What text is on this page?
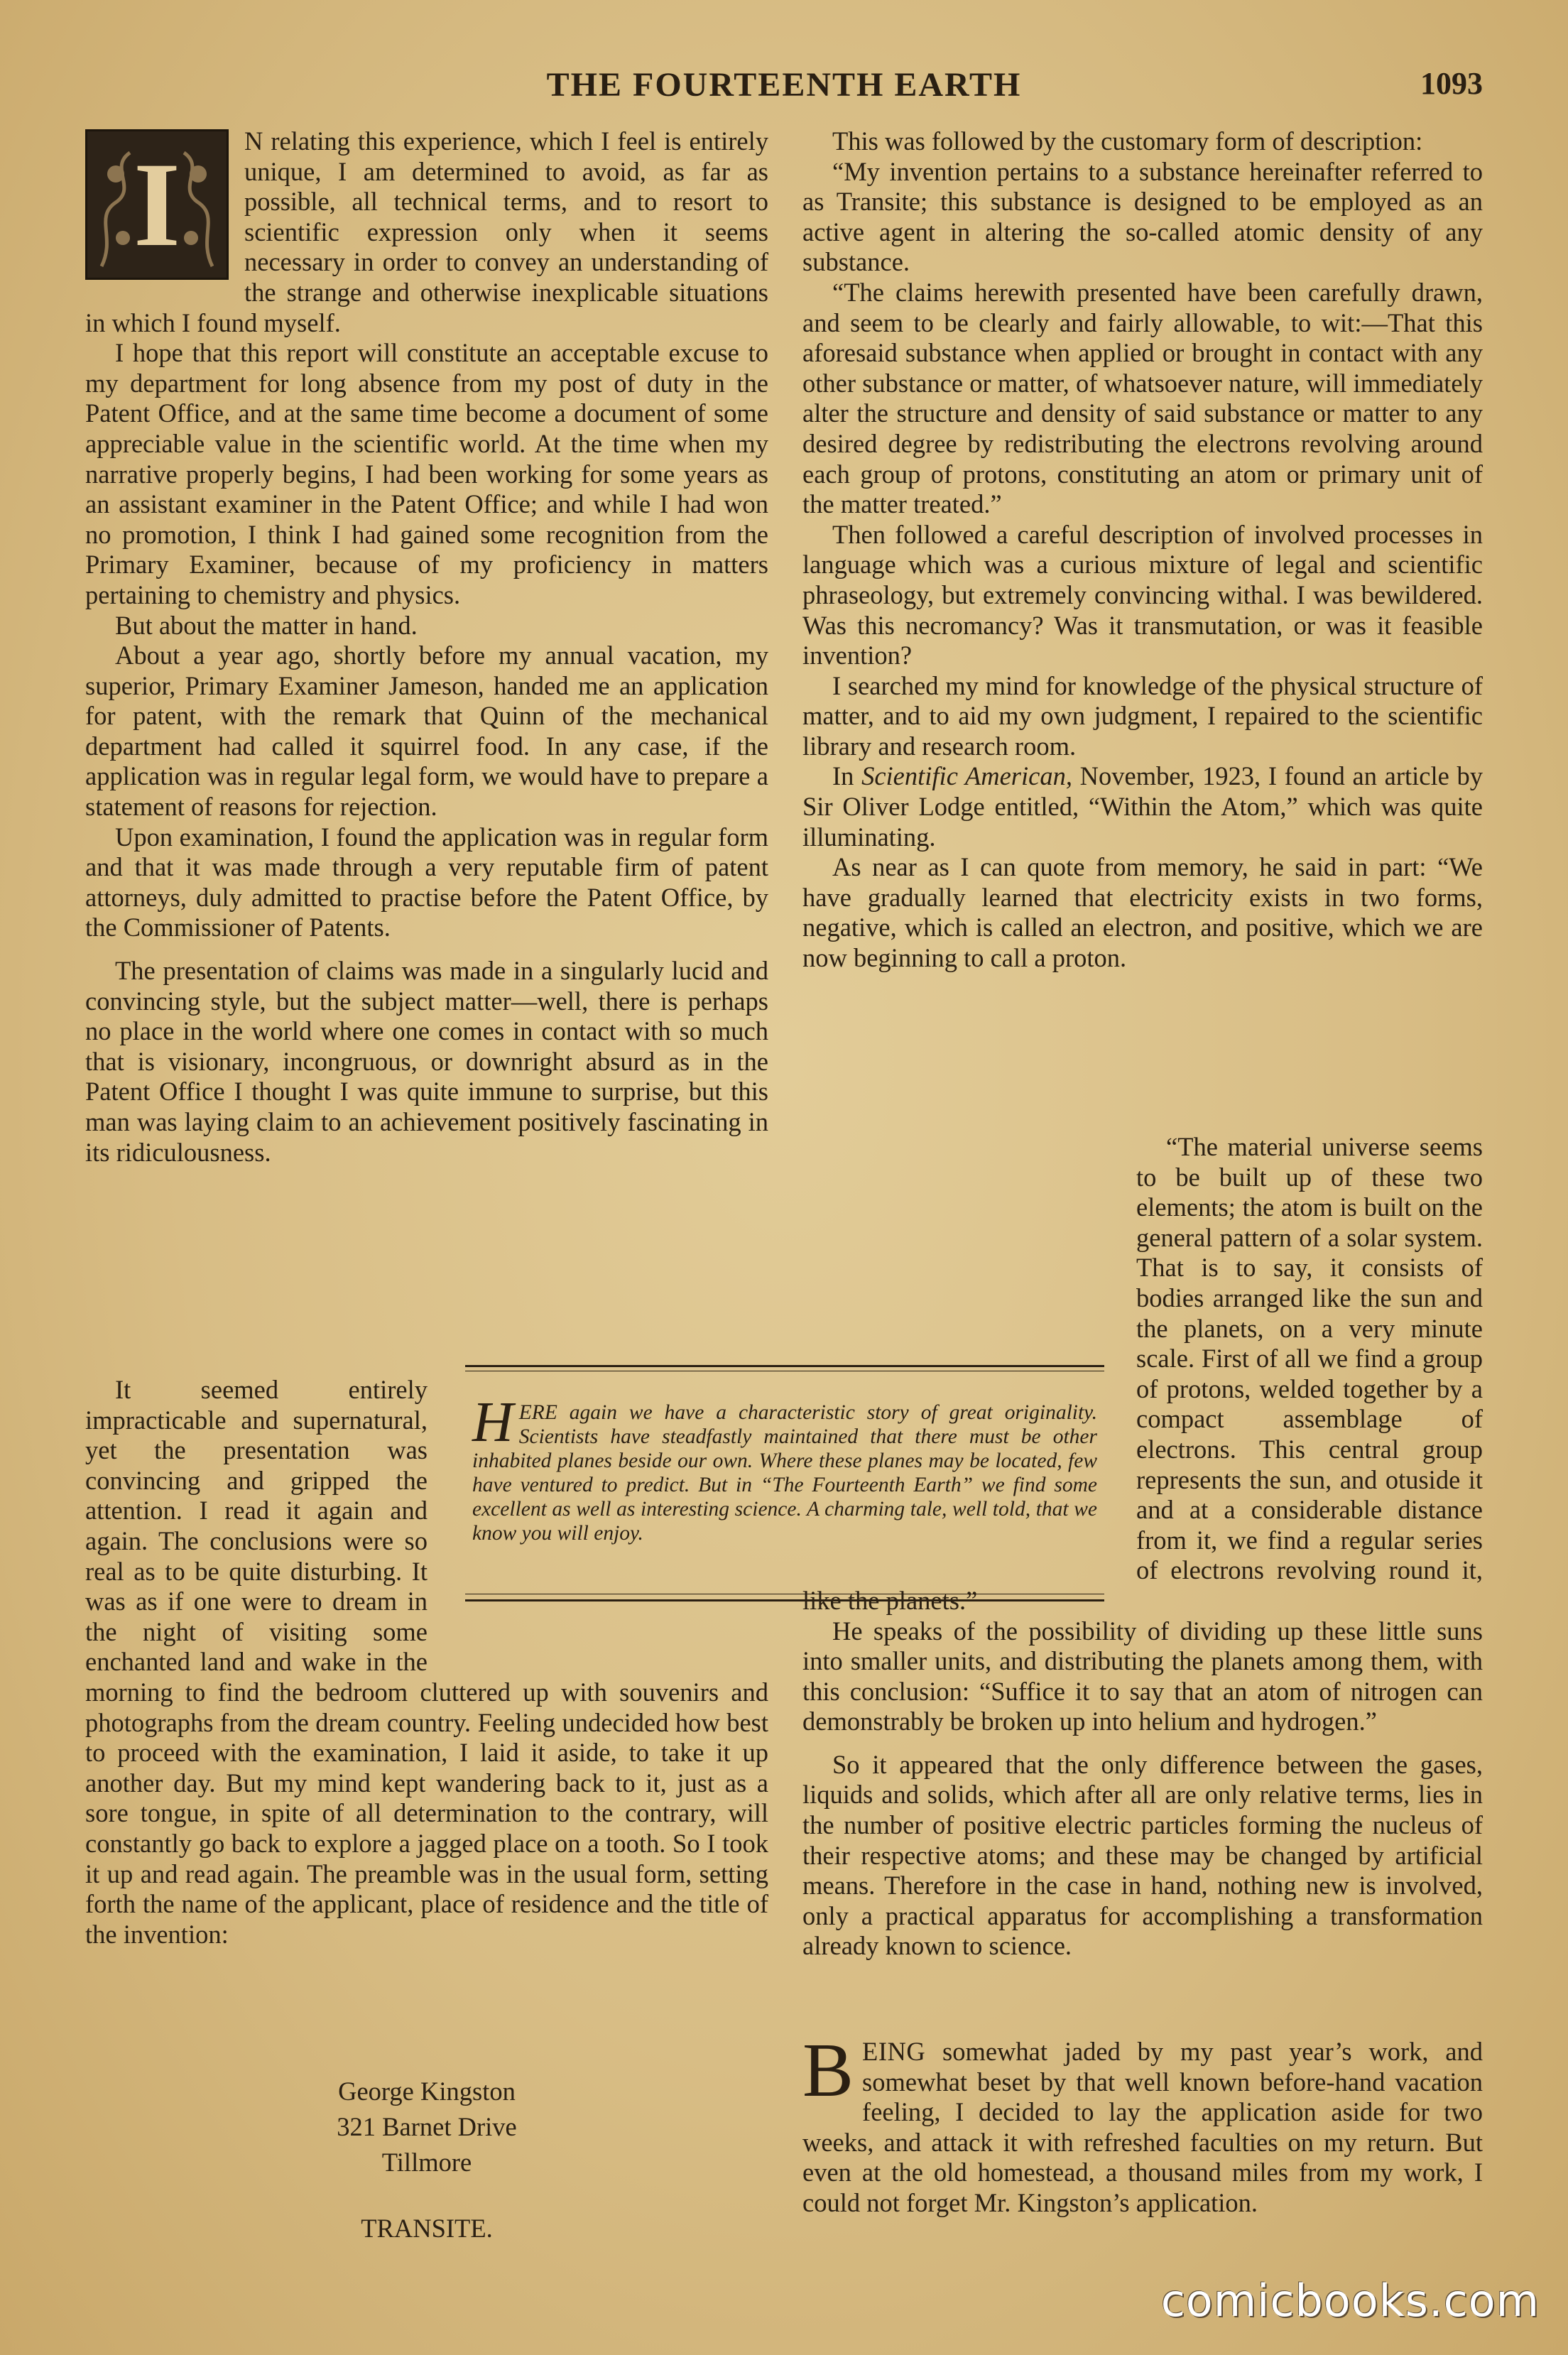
THE FOURTEENTH EARTH	1093
I	N relating this experience, which I feel is entirely unique, I am determined to avoid, as far as possible, all technical terms, and to resort to scientific expression only when it seems necessary in order to convey an understanding of the strange and otherwise inexplicable situations in which I found myself.

I hope that this report will constitute an acceptable excuse to my department for long absence from my post of duty in the Patent Office, and at the same time become a document of some appreciable value in the scientific world. At the time when my narrative properly begins, I had been working for some years as an assistant examiner in the Patent Office; and while I had won no promotion, I think I had gained some recognition from the Primary Examiner, because of my proficiency in matters pertaining to chemistry and physics.

But about the matter in hand.

About a year ago, shortly before my annual vacation, my superior, Primary Examiner Jameson, handed me an application for patent, with the remark that Quinn of the mechanical department had called it squirrel food. In any case, if the application was in regular legal form, we would have to prepare a statement of reasons for rejection.

Upon examination, I found the application was in regular form and that it was made through a very reputable firm of patent attorneys, duly admitted to practise before the Patent Office, by the Commissioner of Patents.

The presentation of claims was made in a singularly lucid and convincing style, but the subject matter—well, there is perhaps no place in the world where one comes in contact with so much that is visionary, incongruous, or downright absurd as in the Patent Office I thought I was quite immune to surprise, but this man was laying claim to an achievement positively fascinating in its ridiculousness.

It seemed entirely impracticable and supernatural, yet the presentation was convincing and gripped the attention. I read it again and again. The conclusions were so real as to be quite disturbing. It was as if one were to dream in the night of visiting some enchanted land and wake in the morning to find the bedroom cluttered up with souvenirs and photographs from the dream country. Feeling undecided how best to proceed with the examination, I laid it aside, to take it up another day. But my mind kept wandering back to it, just as a sore tongue, in spite of all determination to the contrary, will constantly go back to explore a jagged place on a tooth. So I took it up and read again. The preamble was in the usual form, setting forth the name of the applicant, place of residence and the title of the invention:

George Kingston
321 Barnet Drive
Tillmore
TRANSITE.

This was followed by the customary form of description:

“My invention pertains to a substance hereinafter referred to as Transite; this substance is designed to be employed as an active agent in altering the so-called atomic density of any substance.

“The claims herewith presented have been carefully drawn, and seem to be clearly and fairly allowable, to wit:—That this aforesaid substance when applied or brought in contact with any other substance or matter, of whatsoever nature, will immediately alter the structure and density of said substance or matter to any desired degree by redistributing the electrons revolving around each group of protons, constituting an atom or primary unit of the matter treated.”

Then followed a careful description of involved processes in language which was a curious mixture of legal and scientific phraseology, but extremely convincing withal. I was bewildered. Was this necromancy? Was it transmutation, or was it feasible invention?

I searched my mind for knowledge of the physical structure of matter, and to aid my own judgment, I repaired to the scientific library and research room.

In Scientific American, November, 1923, I found an article by Sir Oliver Lodge entitled, “Within the Atom,” which was quite illuminating.

As near as I can quote from memory, he said in part: “We have gradually learned that electricity exists in two forms, negative, which is called an electron, and positive, which we are now beginning to call a proton.

“The material universe seems to be built up of these two elements; the atom is built on the general pattern of a solar system. That is to say, it consists of bodies arranged like the sun and the planets, on a very minute scale. First of all we find a group of protons, welded together by a compact assemblage of electrons. This central group represents the sun, and otuside it and at a considerable distance from it, we find a regular series of electrons revolving round it, like the planets.”

He speaks of the possibility of dividing up these little suns into smaller units, and distributing the planets among them, with this conclusion: “Suffice it to say that an atom of nitrogen can demonstrably be broken up into helium and hydrogen.”

So it appeared that the only difference between the gases, liquids and solids, which after all are only relative terms, lies in the number of positive electric particles forming the nucleus of their respective atoms; and these may be changed by artificial means. Therefore in the case in hand, nothing new is involved, only a practical apparatus for accomplishing a transformation already known to science.

HERE again we have a characteristic story of great originality. Scientists have steadfastly maintained that there must be other inhabited planes beside our own. Where these planes may be located, few have ventured to predict. But in “The Fourteenth Earth” we find some excellent as well as interesting science. A charming tale, well told, that we know you will enjoy.
BEING somewhat jaded by my past year’s work, and somewhat beset by that well known before-hand vacation feeling, I decided to lay the application aside for two weeks, and attack it with refreshed faculties on my return. But even at the old homestead, a thousand miles from my work, I could not forget Mr. Kingston’s application.
comicbooks.com
